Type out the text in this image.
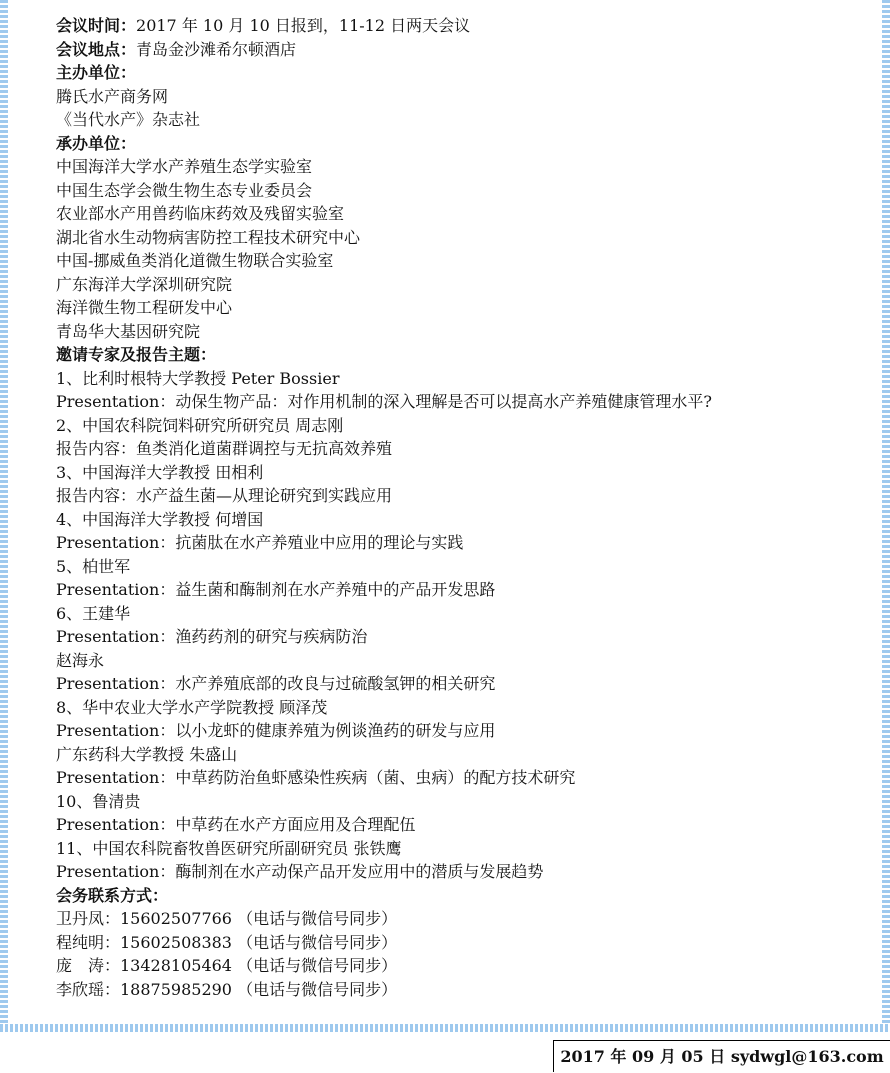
会议时间：2017 年 10 月 10 日报到，11-12 日两天会议
会议地点：青岛金沙滩希尔顿酒店
主办单位：
腾氏水产商务网
《当代水产》杂志社
承办单位：
中国海洋大学水产养殖生态学实验室
中国生态学会微生物生态专业委员会
农业部水产用兽药临床药效及残留实验室
湖北省水生动物病害防控工程技术研究中心
中国-挪威鱼类消化道微生物联合实验室
广东海洋大学深圳研究院
海洋微生物工程研发中心
青岛华大基因研究院
邀请专家及报告主题：
1、比利时根特大学教授 Peter Bossier
Presentation：动保生物产品：对作用机制的深入理解是否可以提高水产养殖健康管理水平?
2、中国农科院饲料研究所研究员 周志刚
报告内容：鱼类消化道菌群调控与无抗高效养殖
3、中国海洋大学教授 田相利
报告内容：水产益生菌—从理论研究到实践应用
4、中国海洋大学教授 何增国
Presentation：抗菌肽在水产养殖业中应用的理论与实践
5、柏世军
Presentation：益生菌和酶制剂在水产养殖中的产品开发思路
6、王建华
Presentation：渔药药剂的研究与疾病防治
赵海永
Presentation：水产养殖底部的改良与过硫酸氢钾的相关研究
8、华中农业大学水产学院教授 顾泽茂
Presentation：以小龙虾的健康养殖为例谈渔药的研发与应用
广东药科大学教授 朱盛山
Presentation：中草药防治鱼虾感染性疾病（菌、虫病）的配方技术研究
10、鲁清贵
Presentation：中草药在水产方面应用及合理配伍
11、中国农科院畜牧兽医研究所副研究员 张铁鹰
Presentation：酶制剂在水产动保产品开发应用中的潜质与发展趋势
会务联系方式：
卫丹凤：15602507766 （电话与微信号同步）
程纯明：15602508383 （电话与微信号同步）
庞　涛：13428105464 （电话与微信号同步）
李欣瑶：18875985290 （电话与微信号同步）
2017 年 09 月 05 日 sydwgl@163.com
